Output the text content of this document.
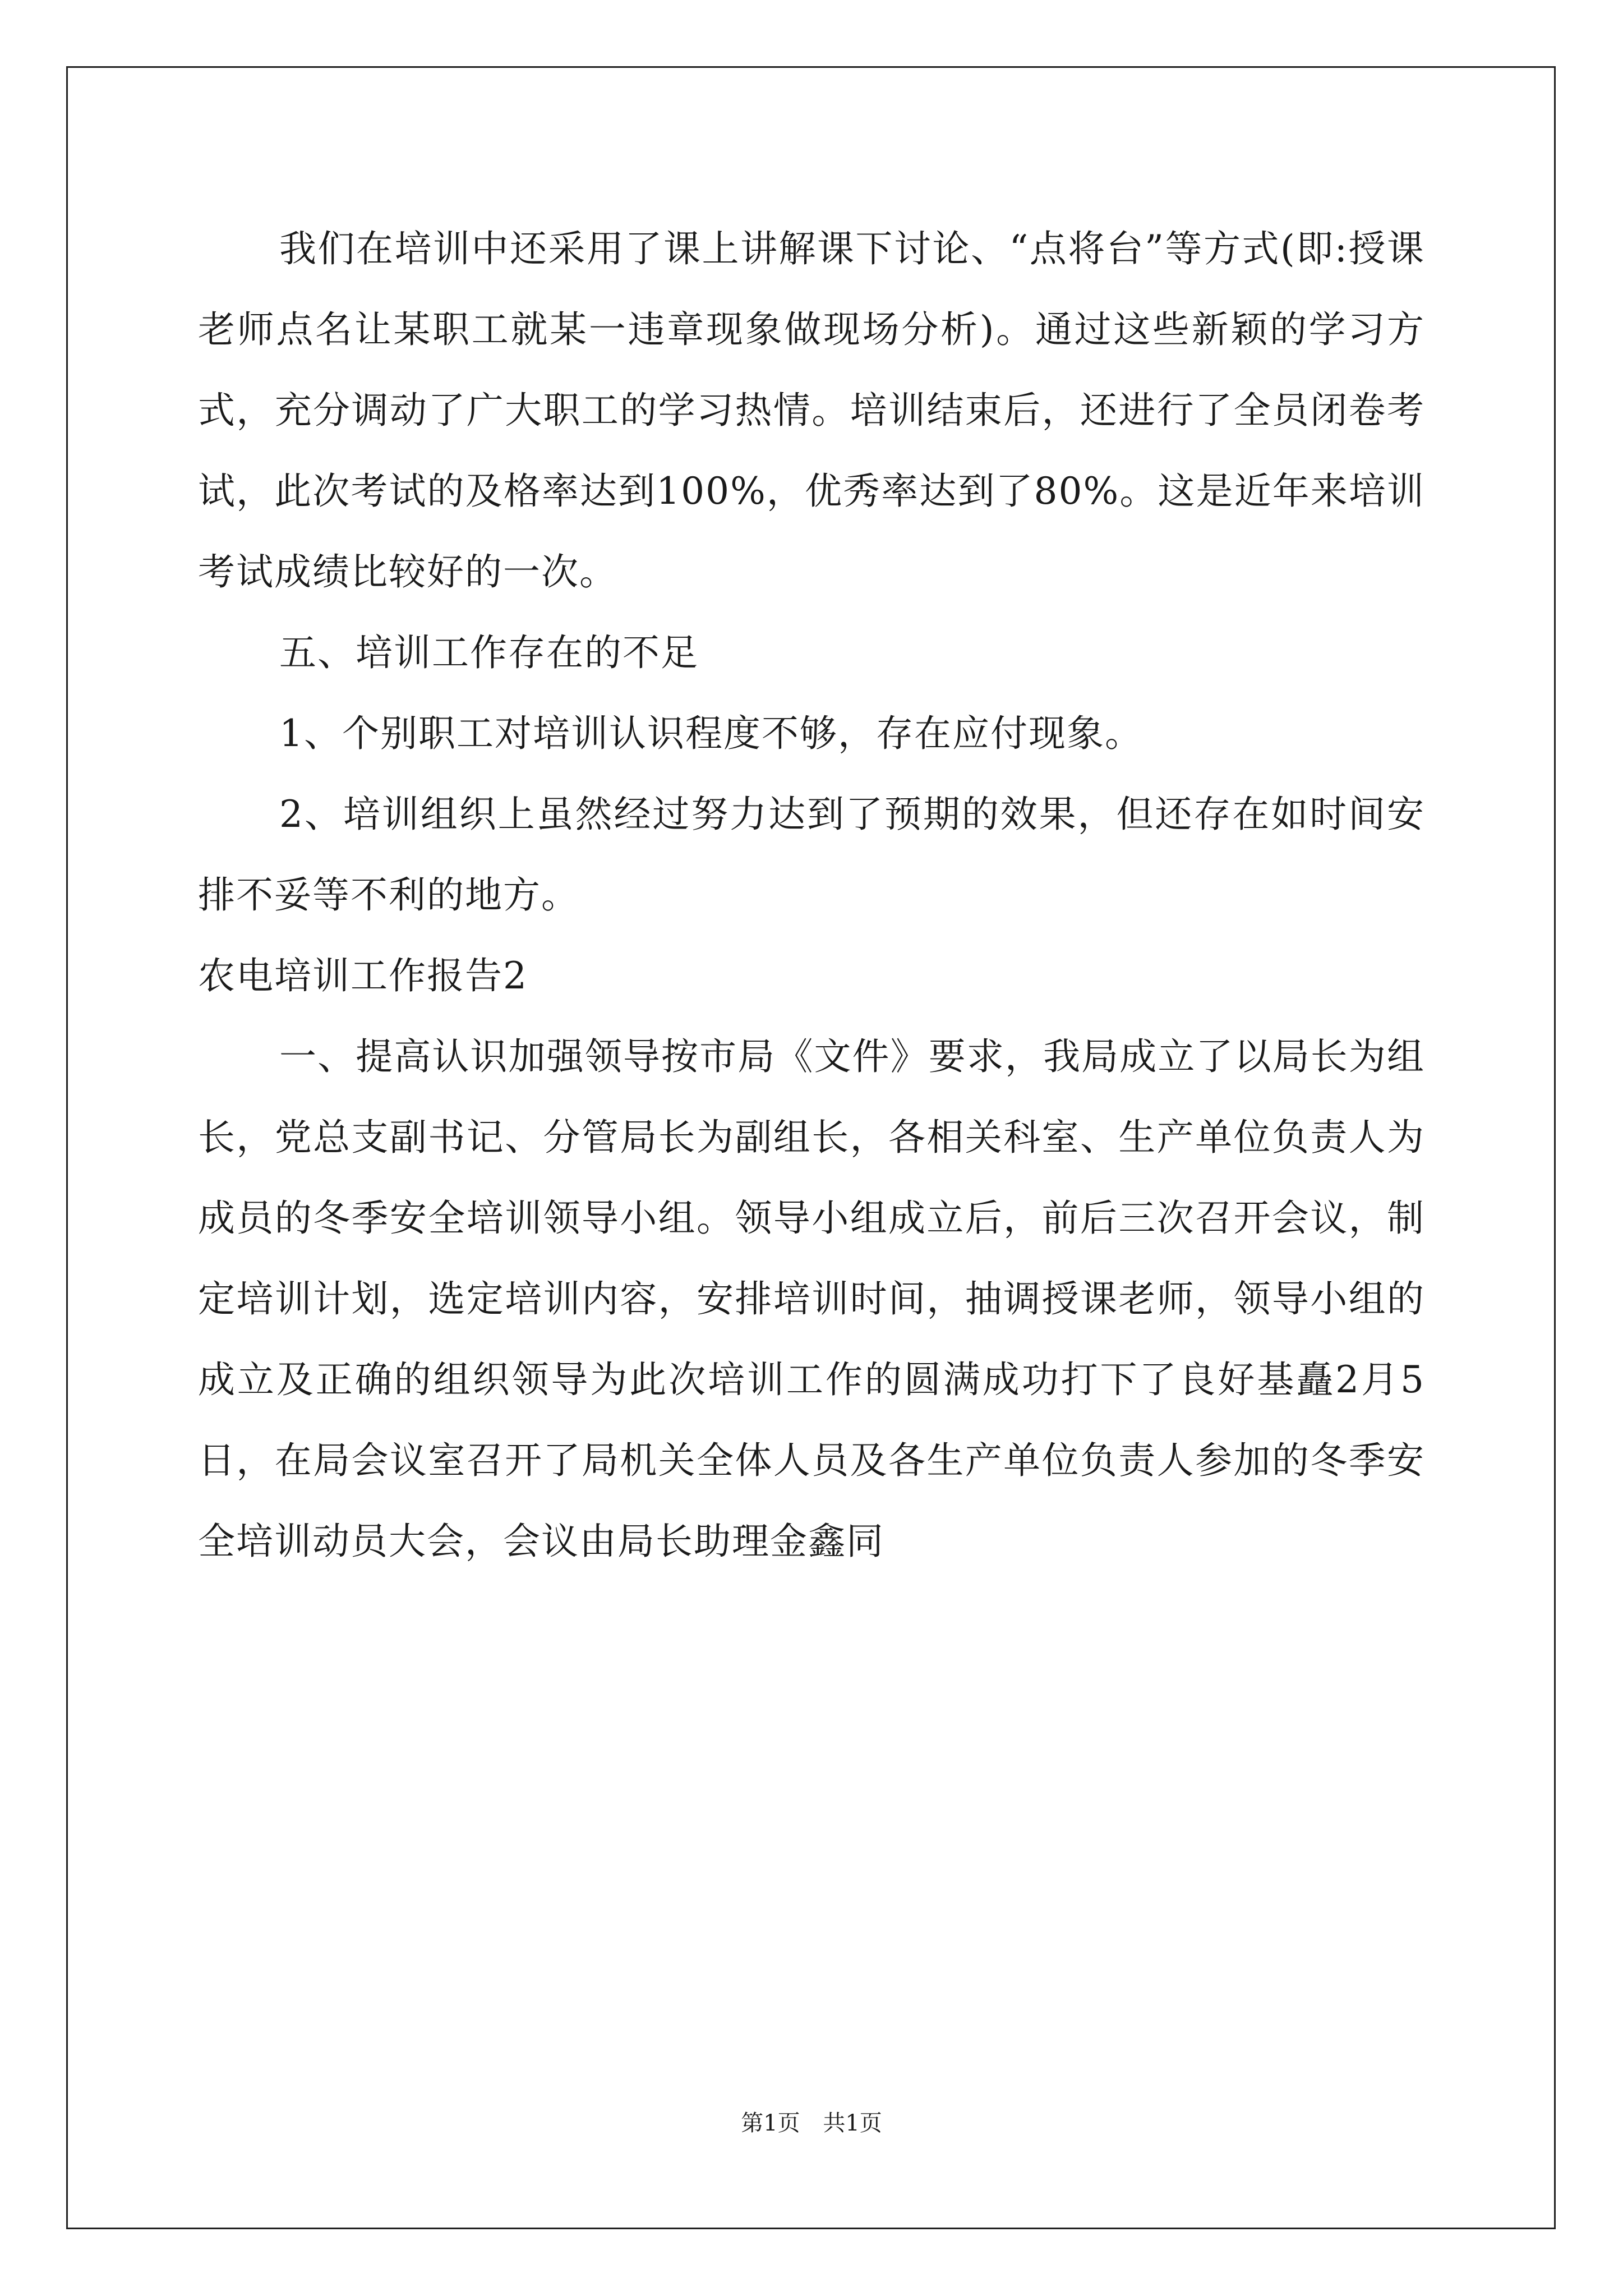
我们在培训中还采用了课上讲解课下讨论、“点将台”等方式(即:授课老师点名让某职工就某一违章现象做现场分析)。通过这些新颖的学习方式，充分调动了广大职工的学习热情。培训结束后，还进行了全员闭卷考试，此次考试的及格率达到100%，优秀率达到了80%。这是近年来培训考试成绩比较好的一次。

五、培训工作存在的不足

1、个别职工对培训认识程度不够，存在应付现象。

2、培训组织上虽然经过努力达到了预期的效果，但还存在如时间安排不妥等不利的地方。

农电培训工作报告2

一、提高认识加强领导按市局《文件》要求，我局成立了以局长为组长，党总支副书记、分管局长为副组长，各相关科室、生产单位负责人为成员的冬季安全培训领导小组。领导小组成立后，前后三次召开会议，制定培训计划，选定培训内容，安排培训时间，抽调授课老师，领导小组的成立及正确的组织领导为此次培训工作的圆满成功打下了良好基矗2月5日，在局会议室召开了局机关全体人员及各生产单位负责人参加的冬季安全培训动员大会，会议由局长助理金鑫同

第1页 共1页
